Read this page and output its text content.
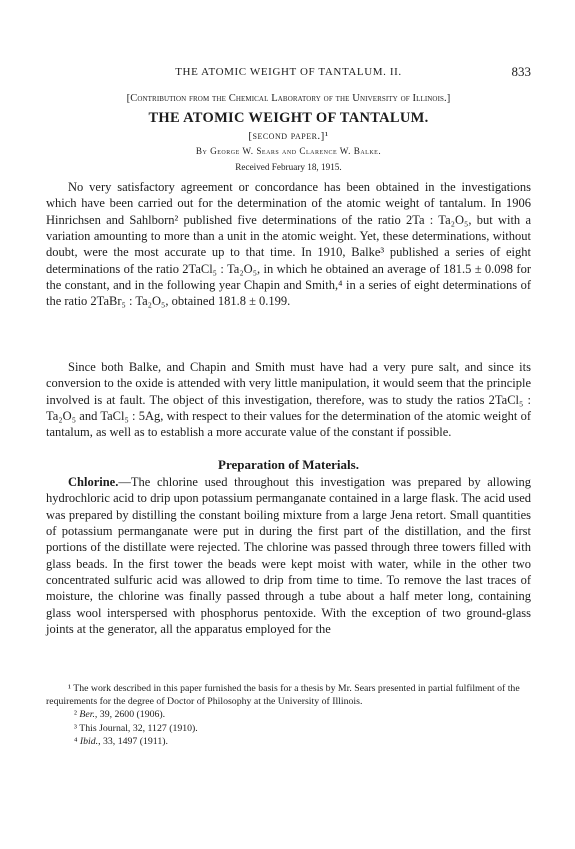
THE ATOMIC WEIGHT OF TANTALUM. II.	833
[Contribution from the Chemical Laboratory of the University of Illinois.]
THE ATOMIC WEIGHT OF TANTALUM.
[second paper.]¹
By George W. Sears and Clarence W. Balke.
Received February 18, 1915.

No very satisfactory agreement or concordance has been obtained in the investigations which have been carried out for the determination of the atomic weight of tantalum. In 1906 Hinrichsen and Sahlborn² published five determinations of the ratio 2Ta : Ta₂O₅, but with a variation amounting to more than a unit in the atomic weight. Yet, these determinations, without doubt, were the most accurate up to that time. In 1910, Balke³ published a series of eight determinations of the ratio 2TaCl₅ : Ta₂O₅, in which he obtained an average of 181.5 ± 0.098 for the constant, and in the following year Chapin and Smith,⁴ in a series of eight determinations of the ratio 2TaBr₅ : Ta₂O₅, obtained 181.8 ± 0.199.

Since both Balke, and Chapin and Smith must have had a very pure salt, and since its conversion to the oxide is attended with very little manipulation, it would seem that the principle involved is at fault. The object of this investigation, therefore, was to study the ratios 2TaCl₅ : Ta₂O₅ and TaCl₅ : 5Ag, with respect to their values for the determination of the atomic weight of tantalum, as well as to establish a more accurate value of the constant if possible.

Preparation of Materials.

Chlorine.—The chlorine used throughout this investigation was prepared by allowing hydrochloric acid to drip upon potassium permanganate contained in a large flask. The acid used was prepared by distilling the constant boiling mixture from a large Jena retort. Small quantities of potassium permanganate were put in during the first part of the distillation, and the first portions of the distillate were rejected. The chlorine was passed through three towers filled with glass beads. In the first tower the beads were kept moist with water, while in the other two concentrated sulfuric acid was allowed to drip from time to time. To remove the last traces of moisture, the chlorine was finally passed through a tube about a half meter long, containing glass wool interspersed with phosphorus pentoxide. With the exception of two ground-glass joints at the generator, all the apparatus employed for the

¹ The work described in this paper furnished the basis for a thesis by Mr. Sears presented in partial fulfilment of the requirements for the degree of Doctor of Philosophy at the University of Illinois.

² Ber., 39, 2600 (1906).

³ This Journal, 32, 1127 (1910).

⁴ Ibid., 33, 1497 (1911).
